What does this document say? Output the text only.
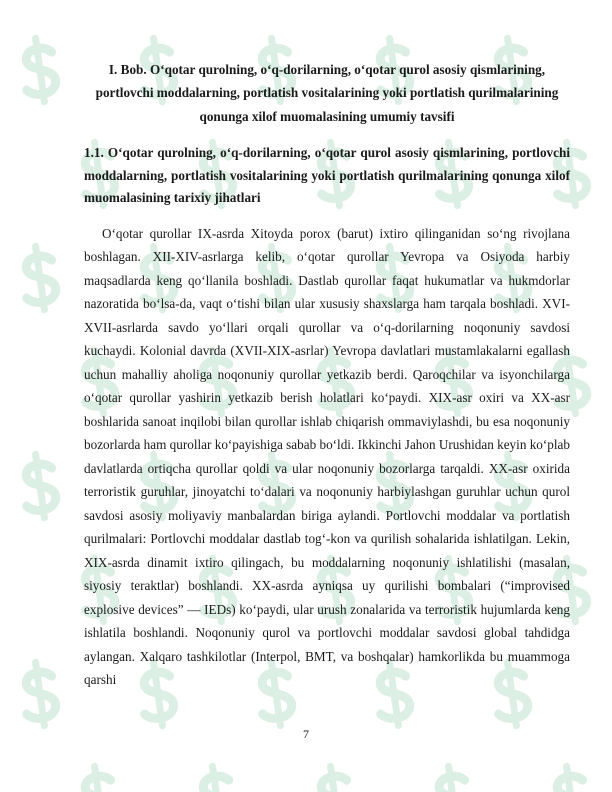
I. Bob. O‘qotar qurolning, o‘q-dorilarning, o‘qotar qurol asosiy qismlarining, portlovchi moddalarning, portlatish vositalarining yoki portlatish qurilmalarining qonunga xilof muomalasining umumiy tavsifi
1.1. O‘qotar qurolning, o‘q-dorilarning, o‘qotar qurol asosiy qismlarining, portlovchi moddalarning, portlatish vositalarining yoki portlatish qurilmalarining qonunga xilof muomalasining tarixiy jihatlari

O‘qotar qurollar IX-asrda Xitoyda porox (barut) ixtiro qilinganidan so‘ng rivojlana boshlagan. XII-XIV-asrlarga kelib, o‘qotar qurollar Yevropa va Osiyoda harbiy maqsadlarda keng qo‘llanila boshladi. Dastlab qurollar faqat hukumatlar va hukmdorlar nazoratida bo‘lsa-da, vaqt o‘tishi bilan ular xususiy shaxslarga ham tarqala boshladi. XVI-XVII-asrlarda savdo yo‘llari orqali qurollar va o‘q-dorilarning noqonuniy savdosi kuchaydi. Kolonial davrda (XVII-XIX-asrlar) Yevropa davlatlari mustamlakalarni egallash uchun mahalliy aholiga noqonuniy qurollar yetkazib berdi. Qaroqchilar va isyonchilarga o‘qotar qurollar yashirin yetkazib berish holatlari ko‘paydi. XIX-asr oxiri va XX-asr boshlarida sanoat inqilobi bilan qurollar ishlab chiqarish ommaviylashdi, bu esa noqonuniy bozorlarda ham qurollar ko‘payishiga sabab bo‘ldi. Ikkinchi Jahon Urushidan keyin ko‘plab davlatlarda ortiqcha qurollar qoldi va ular noqonuniy bozorlarga tarqaldi. XX-asr oxirida terroristik guruhlar, jinoyatchi to‘dalari va noqonuniy harbiylashgan guruhlar uchun qurol savdosi asosiy moliyaviy manbalardan biriga aylandi. Portlovchi moddalar va portlatish qurilmalari: Portlovchi moddalar dastlab tog‘-kon va qurilish sohalarida ishlatilgan. Lekin, XIX-asrda dinamit ixtiro qilingach, bu moddalarning noqonuniy ishlatilishi (masalan, siyosiy teraktlar) boshlandi. XX-asrda ayniqsa uy qurilishi bombalari (“improvised explosive devices” — IEDs) ko‘paydi, ular urush zonalarida va terroristik hujumlarda keng ishlatila boshlandi. Noqonuniy qurol va portlovchi moddalar savdosi global tahdidga aylangan. Xalqaro tashkilotlar (Interpol, BMT, va boshqalar) hamkorlikda bu muammoga qarshi

7
